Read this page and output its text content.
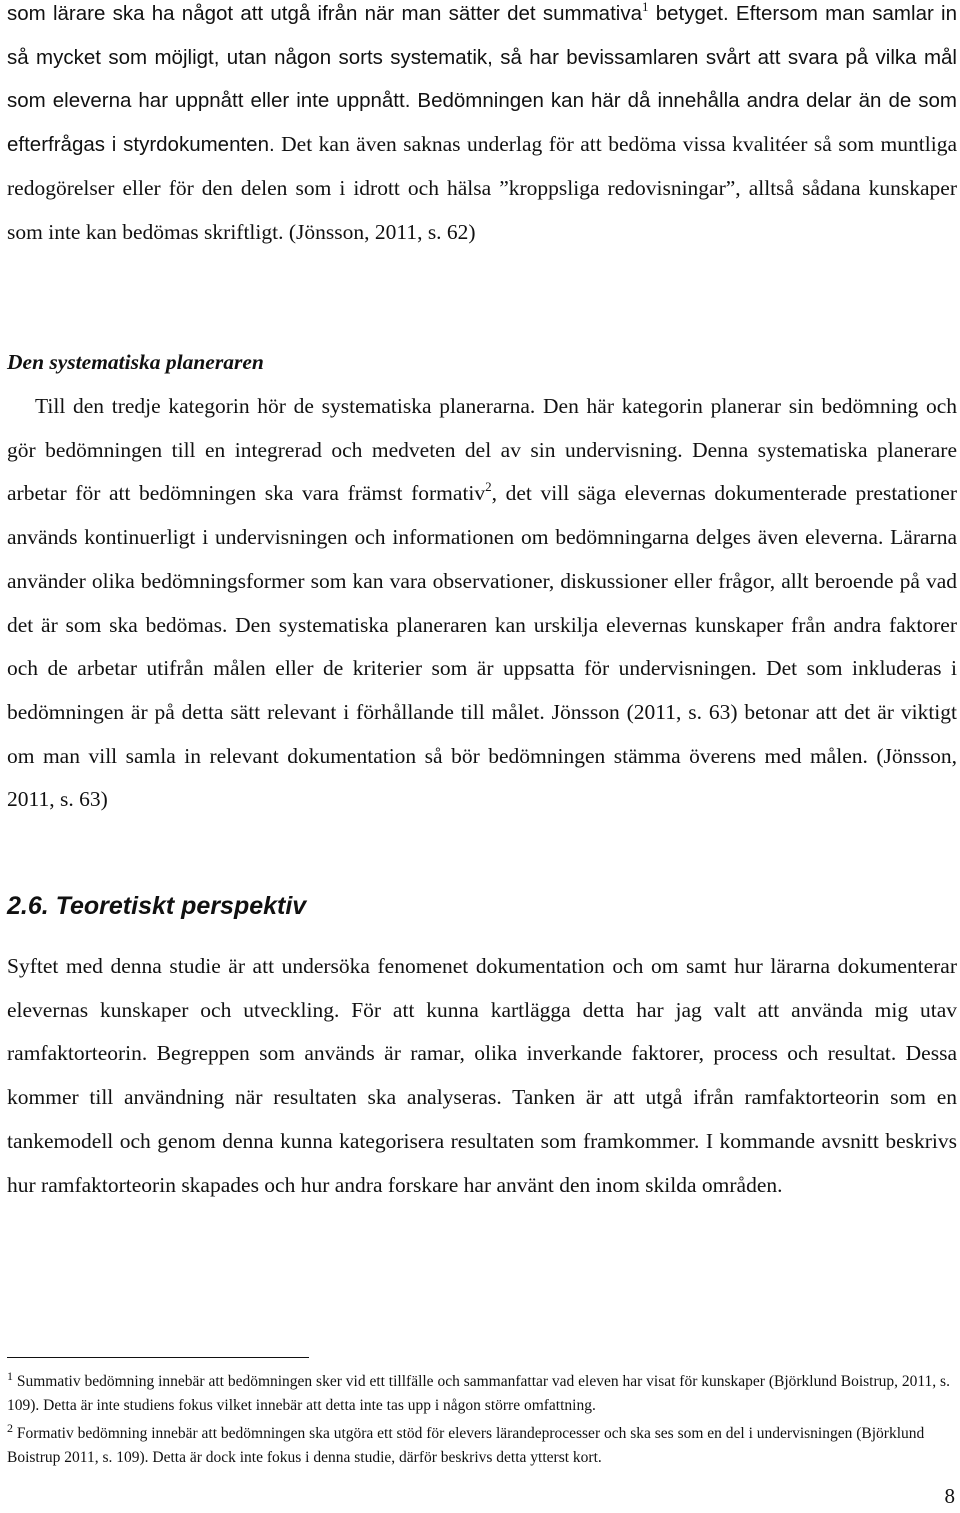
som lärare ska ha något att utgå ifrån när man sätter det summativa$^1$ betyget. Eftersom man samlar in så mycket som möjligt, utan någon sorts systematik, så har bevissamlaren svårt att svara på vilka mål som eleverna har uppnått eller inte uppnått. Bedömningen kan här då innehålla andra delar än de som efterfrågas i styrdokumenten. Det kan även saknas underlag för att bedöma vissa kvalitéer så som muntliga redogörelser eller för den delen som i idrott och hälsa ”kroppsliga redovisningar”, alltså sådana kunskaper som inte kan bedömas skriftligt. (Jönsson, 2011, s. 62)

Den systematiska planeraren

Till den tredje kategorin hör de systematiska planerarna. Den här kategorin planerar sin bedömning och gör bedömningen till en integrerad och medveten del av sin undervisning. Denna systematiska planerare arbetar för att bedömningen ska vara främst formativ$^2$, det vill säga elevernas dokumenterade prestationer används kontinuerligt i undervisningen och informationen om bedömningarna delges även eleverna. Lärarna använder olika bedömningsformer som kan vara observationer, diskussioner eller frågor, allt beroende på vad det är som ska bedömas. Den systematiska planeraren kan urskilja elevernas kunskaper från andra faktorer och de arbetar utifrån målen eller de kriterier som är uppsatta för undervisningen. Det som inkluderas i bedömningen är på detta sätt relevant i förhållande till målet. Jönsson (2011, s. 63) betonar att det är viktigt om man vill samla in relevant dokumentation så bör bedömningen stämma överens med målen. (Jönsson, 2011, s. 63)

2.6. Teoretiskt perspektiv

Syftet med denna studie är att undersöka fenomenet dokumentation och om samt hur lärarna dokumenterar elevernas kunskaper och utveckling. För att kunna kartlägga detta har jag valt att använda mig utav ramfaktorteorin. Begreppen som används är ramar, olika inverkande faktorer, process och resultat. Dessa kommer till användning när resultaten ska analyseras. Tanken är att utgå ifrån ramfaktorteorin som en tankemodell och genom denna kunna kategorisera resultaten som framkommer. I kommande avsnitt beskrivs hur ramfaktorteorin skapades och hur andra forskare har använt den inom skilda områden.

$^1$ Summativ bedömning innebär att bedömningen sker vid ett tillfälle och sammanfattar vad eleven har visat för kunskaper (Björklund Boistrup, 2011, s. 109). Detta är inte studiens fokus vilket innebär att detta inte tas upp i någon större omfattning.

$^2$ Formativ bedömning innebär att bedömningen ska utgöra ett stöd för elevers lärandeprocesser och ska ses som en del i undervisningen (Björklund Boistrup 2011, s. 109). Detta är dock inte fokus i denna studie, därför beskrivs detta ytterst kort.

8
